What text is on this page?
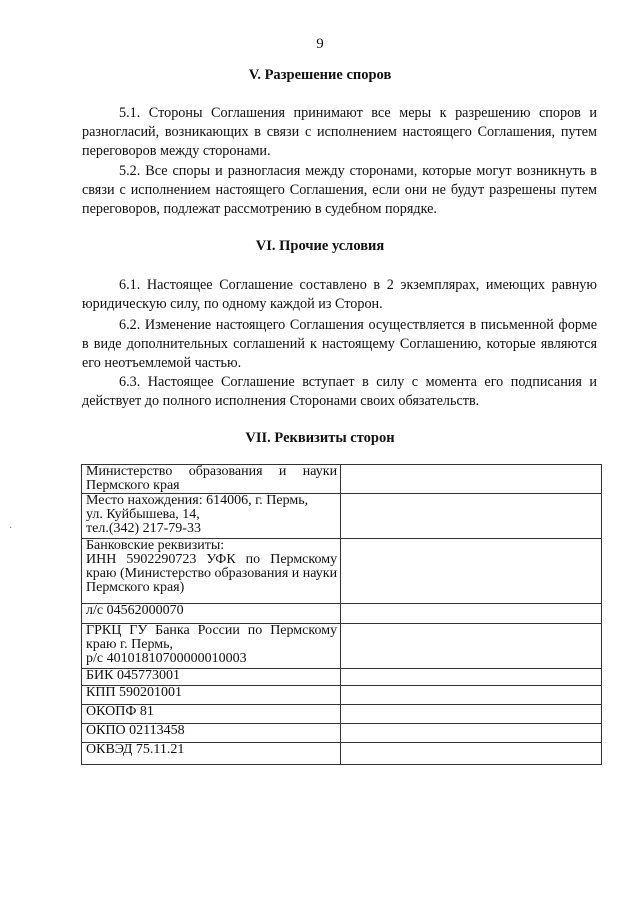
9
V. Разрешение споров

5.1. Стороны Соглашения принимают все меры к разрешению споров и разногласий, возникающих в связи с исполнением настоящего Соглашения, путем переговоров между сторонами.

5.2. Все споры и разногласия между сторонами, которые могут возникнуть в связи с исполнением настоящего Соглашения, если они не будут разрешены путем переговоров, подлежат рассмотрению в судебном порядке.

VI. Прочие условия

6.1. Настоящее Соглашение составлено в 2 экземплярах, имеющих равную юридическую силу, по одному каждой из Сторон.

6.2. Изменение настоящего Соглашения осуществляется в письменной форме в виде дополнительных соглашений к настоящему Соглашению, которые являются его неотъемлемой частью.

6.3. Настоящее Соглашение вступает в силу с момента его подписания и действует до полного исполнения Сторонами своих обязательств.

VII. Реквизиты сторон
Министерство образования и науки Пермского края	

Место нахождения: 614006, г. Пермь,
ул. Куйбышева, 14,
тел.(342) 217-79-33	

Банковские реквизиты:
ИНН 5902290723 УФК по Пермскому краю (Министерство образования и науки Пермского края)	

л/с 04562000070	

ГРКЦ ГУ Банка России по Пермскому краю г. Пермь,
р/с 40101810700000010003	

БИК 045773001	

КПП 590201001	

ОКОПФ 81	

ОКПО 02113458	

ОКВЭД 75.11.21	

·
